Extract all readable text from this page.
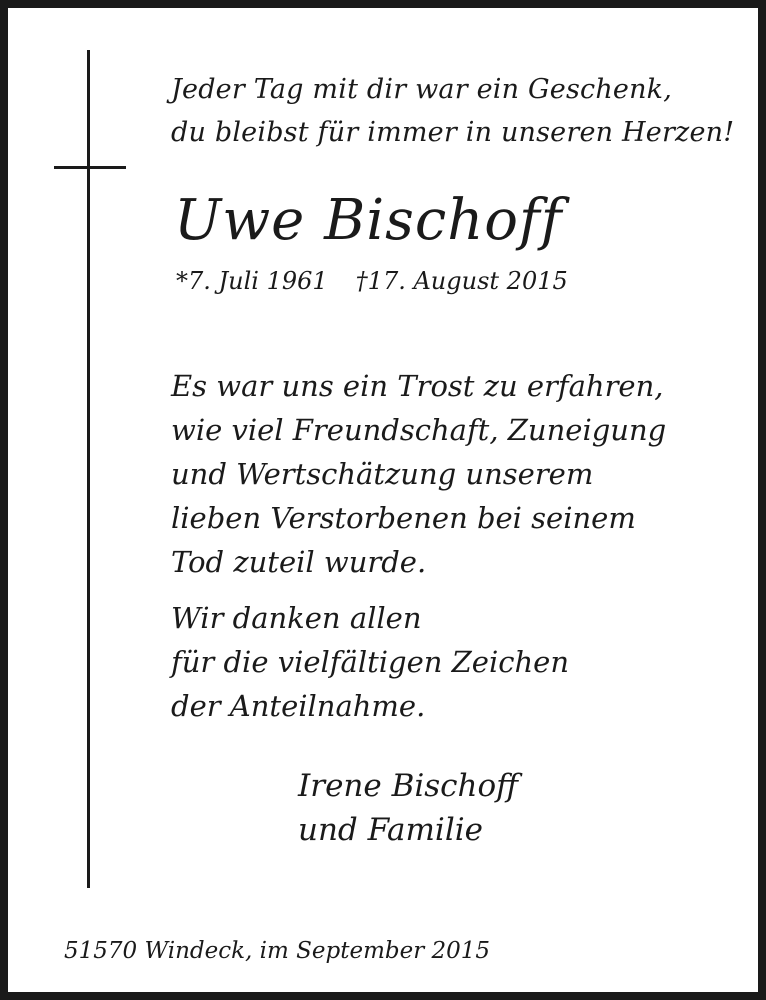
Jeder Tag mit dir war ein Geschenk,
du bleibst für immer in unseren Herzen!
Uwe Bischoff
*7. Juli 1961 †17. August 2015
Es war uns ein Trost zu erfahren,
wie viel Freundschaft, Zuneigung
und Wertschätzung unserem
lieben Verstorbenen bei seinem
Tod zuteil wurde.
Wir danken allen
für die vielfältigen Zeichen
der Anteilnahme.
Irene Bischoff
und Familie
51570 Windeck, im September 2015
